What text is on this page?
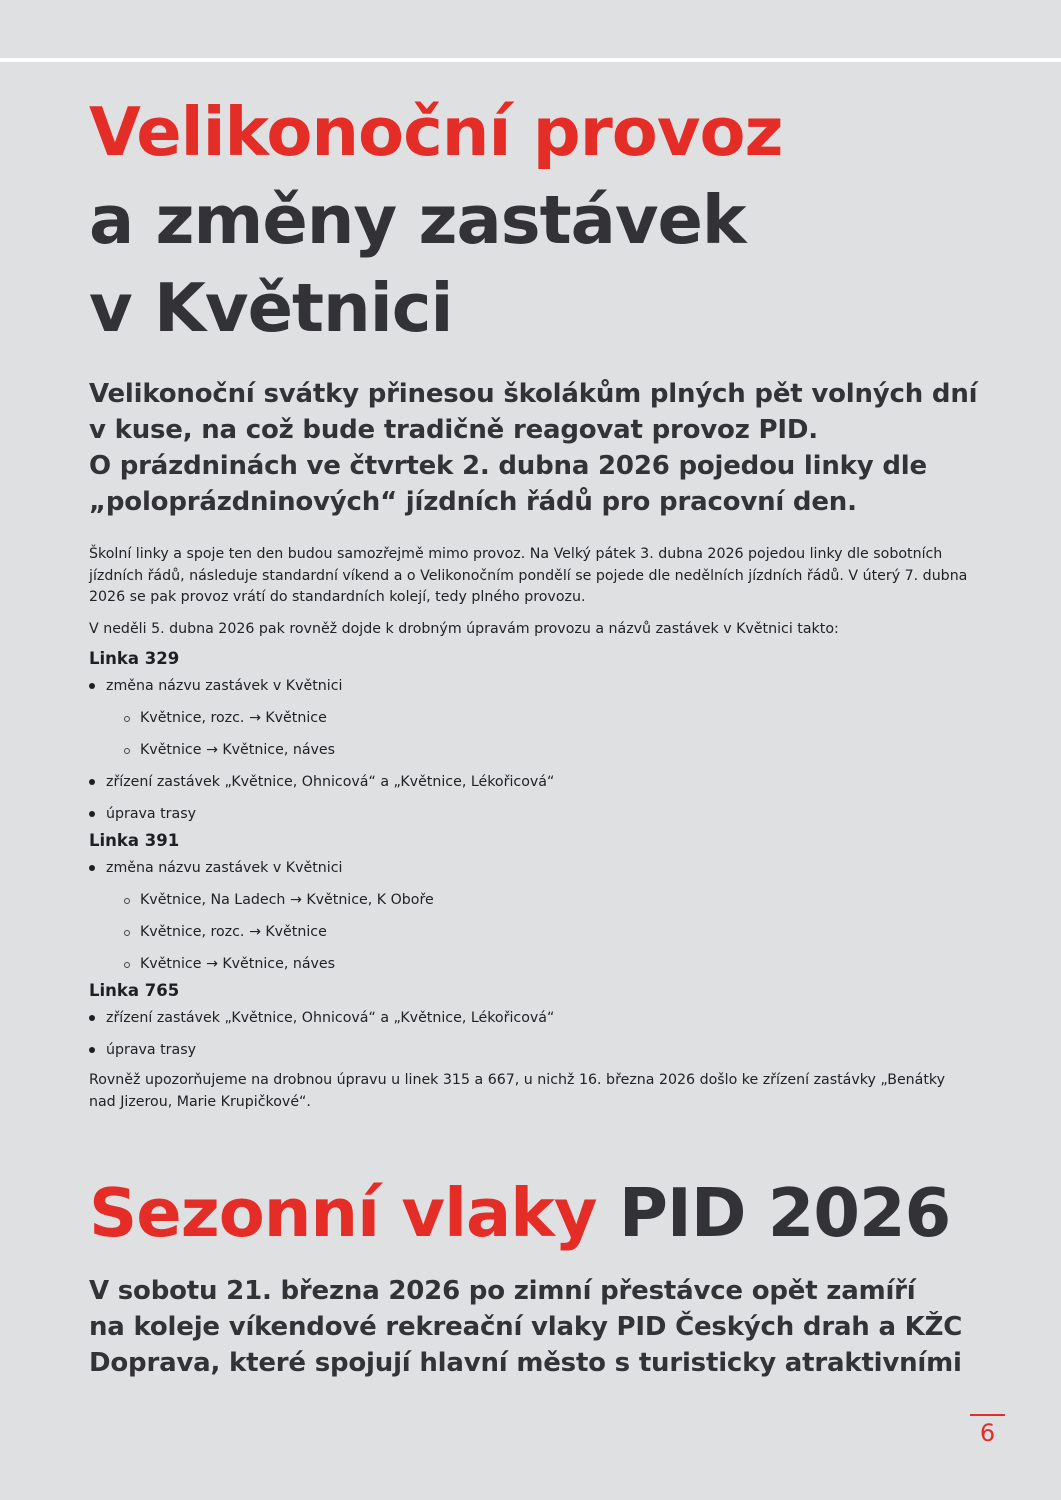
Velikonoční provoz
a změny zastávek
v Květnici
Velikonoční svátky přinesou školákům plných pět volných dní
v kuse, na což bude tradičně reagovat provoz PID.
O prázdninách ve čtvrtek 2. dubna 2026 pojedou linky dle
„poloprázdninových“ jízdních řádů pro pracovní den.

Školní linky a spoje ten den budou samozřejmě mimo provoz. Na Velký pátek 3. dubna 2026 pojedou linky dle sobotních jízdních řádů, následuje standardní víkend a o Velikonočním pondělí se pojede dle nedělních jízdních řádů. V úterý 7. dubna 2026 se pak provoz vrátí do standardních kolejí, tedy plného provozu.

V neděli 5. dubna 2026 pak rovněž dojde k drobným úpravám provozu a názvů zastávek v Květnici takto:

Linka 329

změna názvu zastávek v Květnici
Květnice, rozc. → Květnice
Květnice → Květnice, náves
zřízení zastávek „Květnice, Ohnicová“ a „Květnice, Lékořicová“
úprava trasy

Linka 391

změna názvu zastávek v Květnici
Květnice, Na Ladech → Květnice, K Oboře
Květnice, rozc. → Květnice
Květnice → Květnice, náves

Linka 765

zřízení zastávek „Květnice, Ohnicová“ a „Květnice, Lékořicová“
úprava trasy

Rovněž upozorňujeme na drobnou úpravu u linek 315 a 667, u nichž 16. března 2026 došlo ke zřízení zastávky „Benátky nad Jizerou, Marie Krupičkové“.

Sezonní vlaky PID 2026
V sobotu 21. března 2026 po zimní přestávce opět zamíří
na koleje víkendové rekreační vlaky PID Českých drah a KŽC
Doprava, které spojují hlavní město s turisticky atraktivními
6
